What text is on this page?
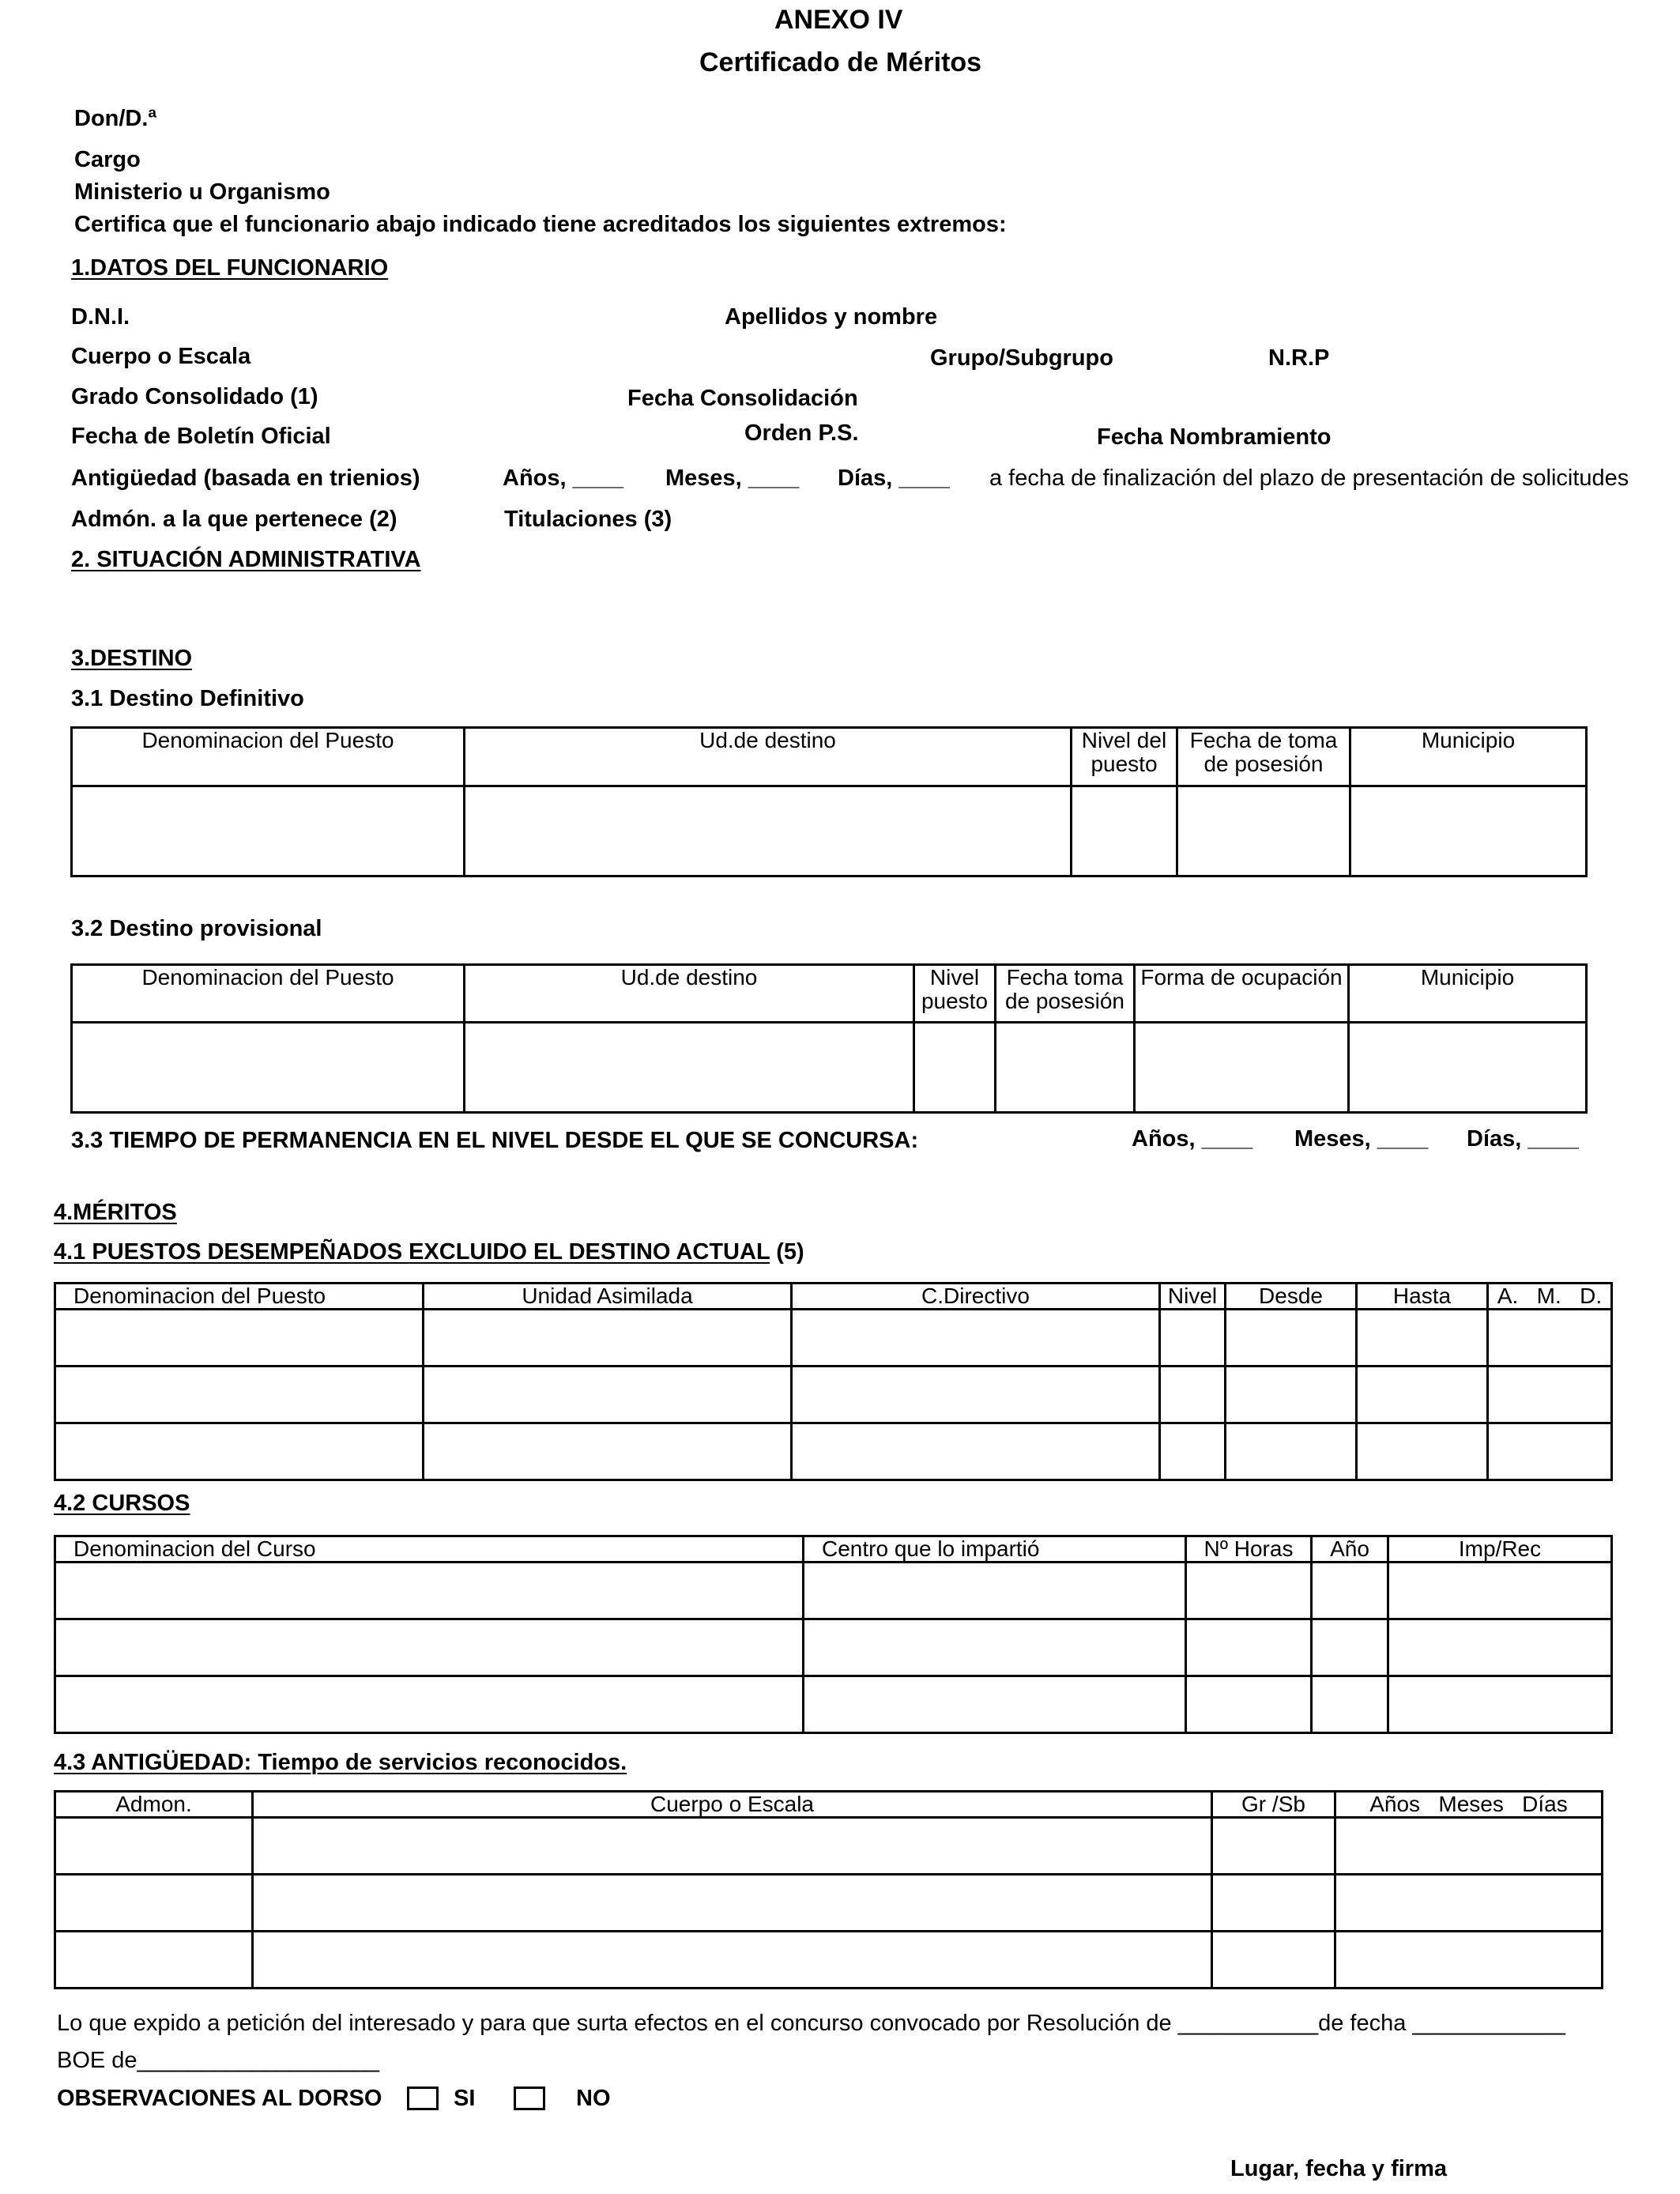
ANEXO IV
Certificado de Méritos
Don/D.ª
Cargo
Ministerio u Organismo
Certifica que el funcionario abajo indicado tiene acreditados los siguientes extremos:
1.DATOS DEL FUNCIONARIO
D.N.I.	Apellidos y nombre
Cuerpo o Escala	Grupo/Subgrupo	N.R.P
Grado Consolidado (1)	Fecha Consolidación
Fecha de Boletín Oficial	Orden P.S.	Fecha Nombramiento
Antigüedad (basada en trienios)	Años, ____ Meses, ____ Días, ____ a fecha de finalización del plazo de presentación de solicitudes
Admón. a la que pertenece (2)	Titulaciones (3)
2. SITUACIÓN ADMINISTRATIVA
3.DESTINO
3.1 Destino Definitivo
Denominacion del Puesto	Ud.de destino	Nivel del puesto	Fecha de toma de posesión	Municipio

3.2 Destino provisional
Denominacion del Puesto	Ud.de destino	Nivel puesto	Fecha toma de posesión	Forma de ocupación	Municipio

3.3 TIEMPO DE PERMANENCIA EN EL NIVEL DESDE EL QUE SE CONCURSA:	Años, ____ Meses, ____ Días, ____
4.MÉRITOS
4.1 PUESTOS DESEMPEÑADOS EXCLUIDO EL DESTINO ACTUAL (5)
Denominacion del Puesto	Unidad Asimilada	C.Directivo	Nivel	Desde	Hasta	A.   M.   D.

4.2 CURSOS
Denominacion del Curso	Centro que lo impartió	Nº Horas	Año	Imp/Rec

4.3 ANTIGÜEDAD: Tiempo de servicios reconocidos.
Admon.	Cuerpo o Escala	Gr /Sb	Años   Meses   Días

Lo que expido a petición del interesado y para que surta efectos en el concurso convocado por Resolución de ___________de fecha ____________
BOE de___________________
OBSERVACIONES AL DORSO	SI	NO
Lugar, fecha y firma
